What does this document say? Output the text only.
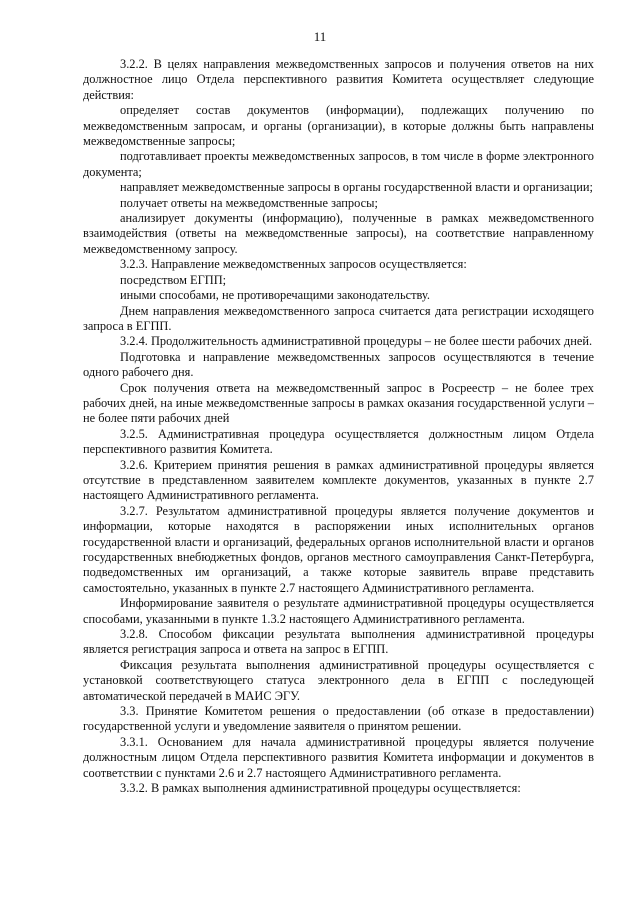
11

3.2.2. В целях направления межведомственных запросов и получения ответов на них должностное лицо Отдела перспективного развития Комитета осуществляет следующие действия:

определяет состав документов (информации), подлежащих получению по межведомственным запросам, и органы (организации), в которые должны быть направлены межведомственные запросы;

подготавливает проекты межведомственных запросов, в том числе в форме электронного документа;

направляет межведомственные запросы в органы государственной власти и организации;

получает ответы на межведомственные запросы;

анализирует документы (информацию), полученные в рамках межведомственного взаимодействия (ответы на межведомственные запросы), на соответствие направленному межведомственному запросу.

3.2.3. Направление межведомственных запросов осуществляется:

посредством ЕГПП;

иными способами, не противоречащими законодательству.

Днем направления межведомственного запроса считается дата регистрации исходящего запроса в ЕГПП.

3.2.4. Продолжительность административной процедуры – не более шести рабочих дней.

Подготовка и направление межведомственных запросов осуществляются в течение одного рабочего дня.

Срок получения ответа на межведомственный запрос в Росреестр – не более трех рабочих дней, на иные межведомственные запросы в рамках оказания государственной услуги – не более пяти рабочих дней

3.2.5. Административная процедура осуществляется должностным лицом Отдела перспективного развития Комитета.

3.2.6. Критерием принятия решения в рамках административной процедуры является отсутствие в представленном заявителем комплекте документов, указанных в пункте 2.7 настоящего Административного регламента.

3.2.7. Результатом административной процедуры является получение документов и информации, которые находятся в распоряжении иных исполнительных органов государственной власти и организаций, федеральных органов исполнительной власти и органов государственных внебюджетных фондов, органов местного самоуправления Санкт-Петербурга, подведомственных им организаций, а также которые заявитель вправе представить самостоятельно, указанных в пункте 2.7 настоящего Административного регламента.

Информирование заявителя о результате административной процедуры осуществляется способами, указанными в пункте 1.3.2 настоящего Административного регламента.

3.2.8. Способом фиксации результата выполнения административной процедуры является регистрация запроса и ответа на запрос в ЕГПП.

Фиксация результата выполнения административной процедуры осуществляется с установкой соответствующего статуса электронного дела в ЕГПП с последующей автоматической передачей в МАИС ЭГУ.

3.3. Принятие Комитетом решения о предоставлении (об отказе в предоставлении) государственной услуги и уведомление заявителя о принятом решении.

3.3.1. Основанием для начала административной процедуры является получение должностным лицом Отдела перспективного развития Комитета информации и документов в соответствии с пунктами 2.6 и 2.7 настоящего Административного регламента.

3.3.2. В рамках выполнения административной процедуры осуществляется:
